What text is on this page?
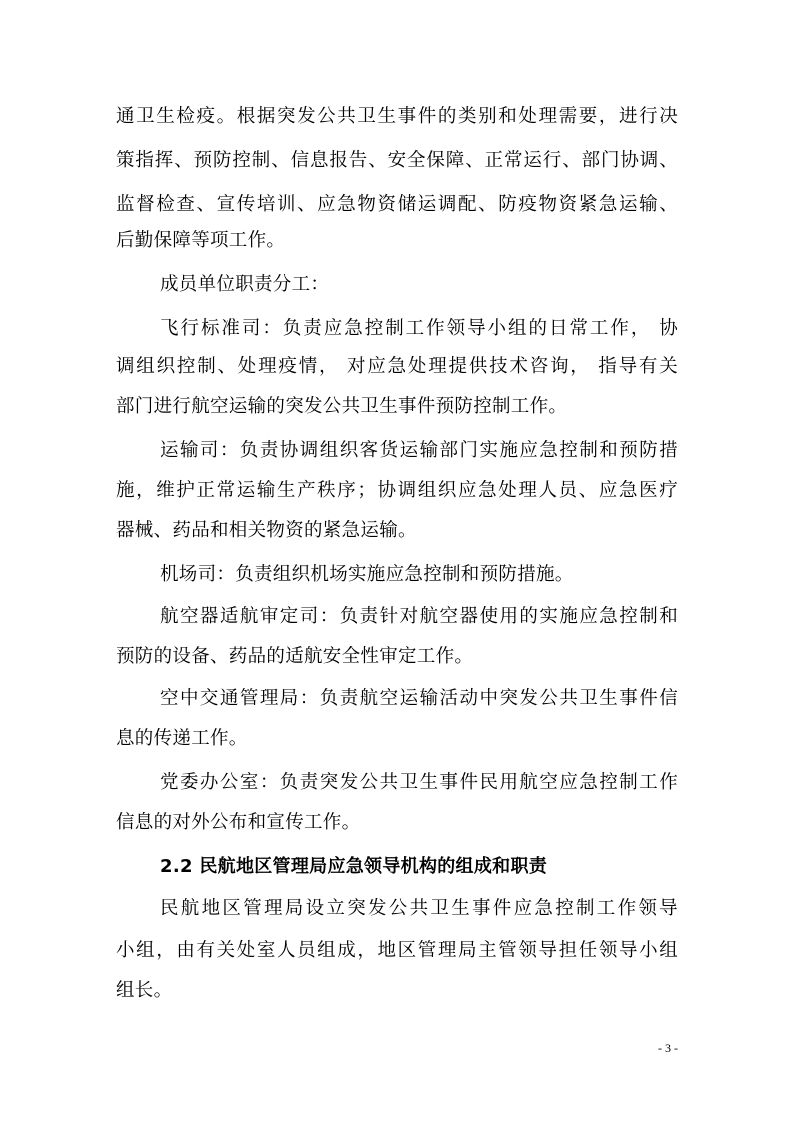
通卫生检疫。根据突发公共卫生事件的类别和处理需要，进行决
策指挥、预防控制、信息报告、安全保障、正常运行、部门协调、
监督检查、宣传培训、应急物资储运调配、防疫物资紧急运输、
后勤保障等项工作。
成员单位职责分工：
飞行标准司：负责应急控制工作领导小组的日常工作， 协
调组织控制、处理疫情， 对应急处理提供技术咨询， 指导有关
部门进行航空运输的突发公共卫生事件预防控制工作。
运输司：负责协调组织客货运输部门实施应急控制和预防措
施，维护正常运输生产秩序；协调组织应急处理人员、应急医疗
器械、药品和相关物资的紧急运输。
机场司：负责组织机场实施应急控制和预防措施。
航空器适航审定司：负责针对航空器使用的实施应急控制和
预防的设备、药品的适航安全性审定工作。
空中交通管理局：负责航空运输活动中突发公共卫生事件信
息的传递工作。
党委办公室：负责突发公共卫生事件民用航空应急控制工作
信息的对外公布和宣传工作。
2.2 民航地区管理局应急领导机构的组成和职责
民航地区管理局设立突发公共卫生事件应急控制工作领导
小组，由有关处室人员组成，地区管理局主管领导担任领导小组
组长。
- 3 -
